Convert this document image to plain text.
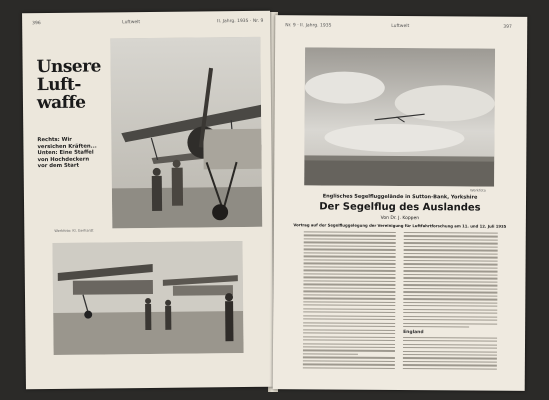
396	Luftwelt	II. Jahrg. 1935 · Nr. 9
Unsere
Luft-
waffe
Rechts: Wir
versichen Kräften...
Unten: Eine Staffel
von Hochdeckern
vor dem Start
Werkfoto: Kl. Gerhardt
Nr. 9 · II. Jahrg. 1935	Luftwelt	397
Werkfoto
Englisches Segelfluggelände in Sutton-Bank, Yorkshire
Der Segelflug des Auslandes
Von Dr. J. Koppen
Vortrag auf der Segelfluggelegung der Vereinigung für Luftfahrtforschung am 11. und 12. Juli 1935
England
